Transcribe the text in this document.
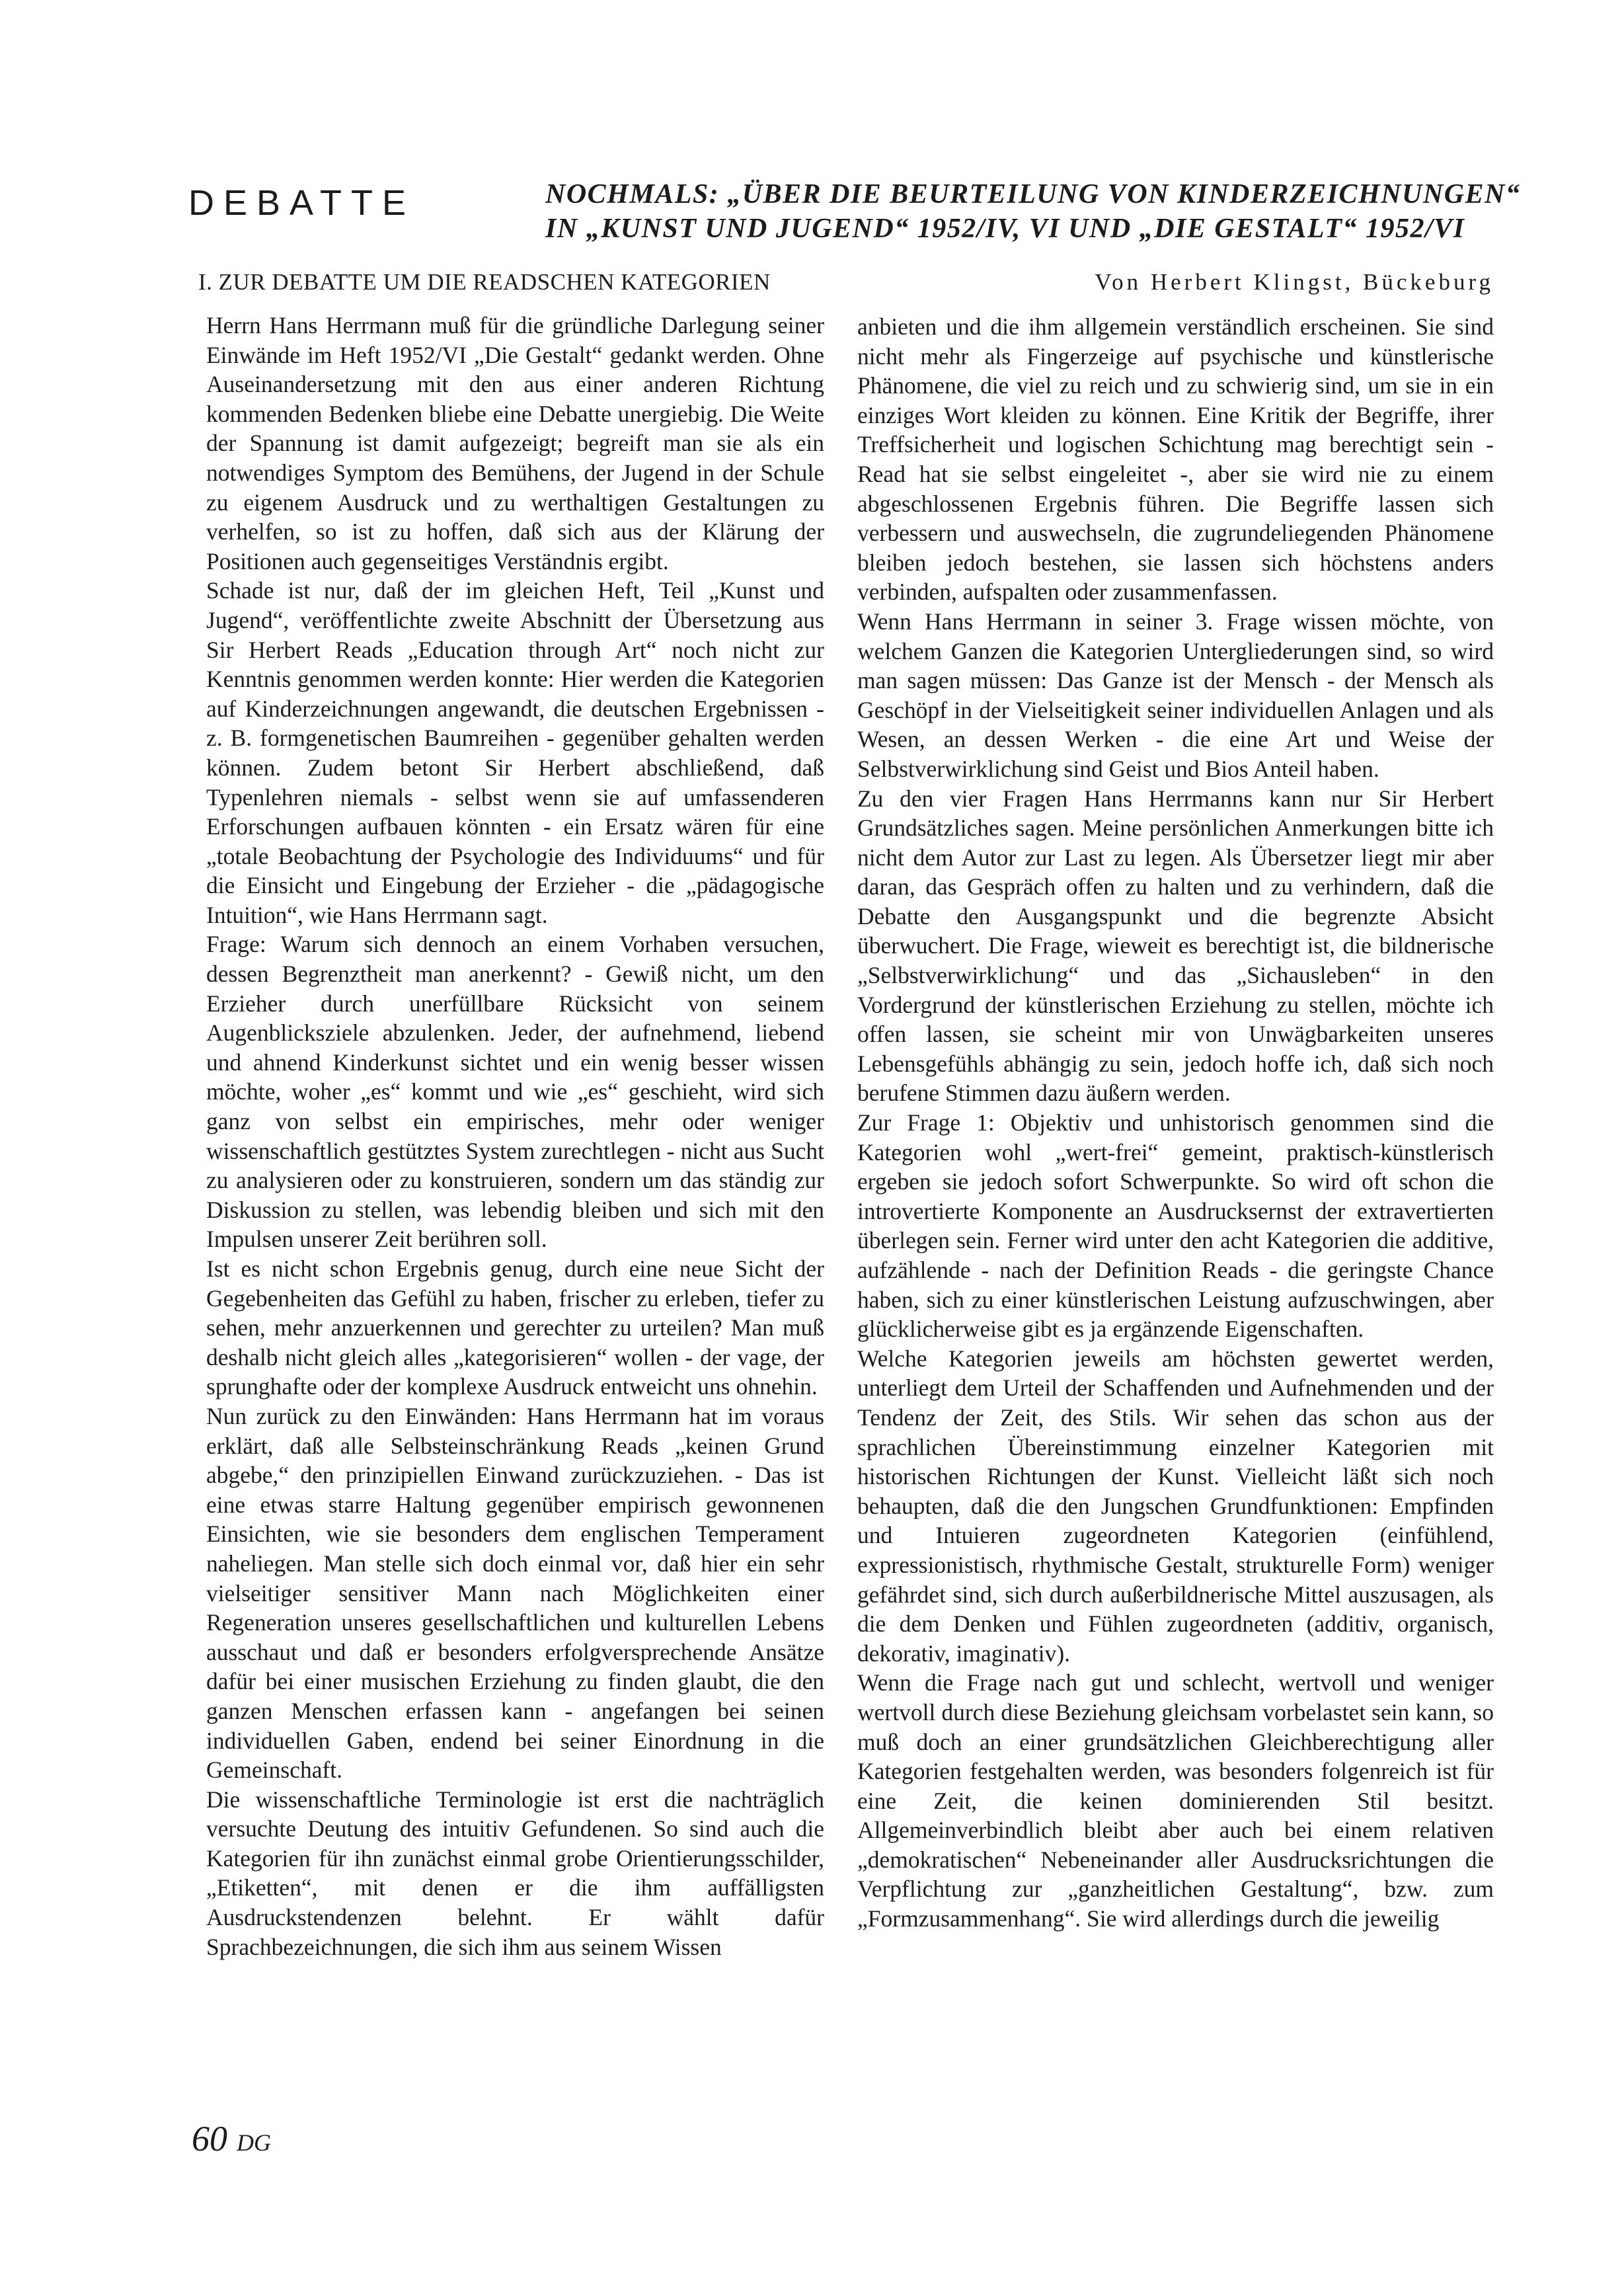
DEBATTE	NOCHMALS: „ÜBER DIE BEURTEILUNG VON KINDERZEICHNUNGEN“
IN „KUNST UND JUGEND“ 1952/IV, VI UND „DIE GESTALT“ 1952/VI
I. ZUR DEBATTE UM DIE READSCHEN KATEGORIEN	Von Herbert Klingst, Bückeburg

Herrn Hans Herrmann muß für die gründliche Darlegung seiner Einwände im Heft 1952/VI „Die Gestalt“ gedankt werden. Ohne Auseinandersetzung mit den aus einer anderen Richtung kommenden Bedenken bliebe eine Debatte unergiebig. Die Weite der Spannung ist damit aufgezeigt; begreift man sie als ein notwendiges Symptom des Bemühens, der Jugend in der Schule zu eigenem Ausdruck und zu werthaltigen Gestaltungen zu verhelfen, so ist zu hoffen, daß sich aus der Klärung der Positionen auch gegenseitiges Verständnis ergibt.

Schade ist nur, daß der im gleichen Heft, Teil „Kunst und Jugend“, veröffentlichte zweite Abschnitt der Übersetzung aus Sir Herbert Reads „Education through Art“ noch nicht zur Kenntnis genommen werden konnte: Hier werden die Kategorien auf Kinderzeichnungen angewandt, die deutschen Ergebnissen - z. B. formgenetischen Baumreihen - gegenüber gehalten werden können. Zudem betont Sir Herbert abschließend, daß Typenlehren niemals - selbst wenn sie auf umfassenderen Erforschungen aufbauen könnten - ein Ersatz wären für eine „totale Beobachtung der Psychologie des Individuums“ und für die Einsicht und Eingebung der Erzieher - die „pädagogische Intuition“, wie Hans Herrmann sagt.

Frage: Warum sich dennoch an einem Vorhaben versuchen, dessen Begrenztheit man anerkennt? - Gewiß nicht, um den Erzieher durch unerfüllbare Rücksicht von seinem Augenblicksziele abzulenken. Jeder, der aufnehmend, liebend und ahnend Kinderkunst sichtet und ein wenig besser wissen möchte, woher „es“ kommt und wie „es“ geschieht, wird sich ganz von selbst ein empirisches, mehr oder weniger wissenschaftlich gestütztes System zurechtlegen - nicht aus Sucht zu analysieren oder zu konstruieren, sondern um das ständig zur Diskussion zu stellen, was lebendig bleiben und sich mit den Impulsen unserer Zeit berühren soll.

Ist es nicht schon Ergebnis genug, durch eine neue Sicht der Gegebenheiten das Gefühl zu haben, frischer zu erleben, tiefer zu sehen, mehr anzuerkennen und gerechter zu urteilen? Man muß deshalb nicht gleich alles „kategorisieren“ wollen - der vage, der sprunghafte oder der komplexe Ausdruck entweicht uns ohnehin.

Nun zurück zu den Einwänden: Hans Herrmann hat im voraus erklärt, daß alle Selbsteinschränkung Reads „keinen Grund abgebe,“ den prinzipiellen Einwand zurückzuziehen. - Das ist eine etwas starre Haltung gegenüber empirisch gewonnenen Einsichten, wie sie besonders dem englischen Temperament naheliegen. Man stelle sich doch einmal vor, daß hier ein sehr vielseitiger sensitiver Mann nach Möglichkeiten einer Regeneration unseres gesellschaftlichen und kulturellen Lebens ausschaut und daß er besonders erfolgversprechende Ansätze dafür bei einer musischen Erziehung zu finden glaubt, die den ganzen Menschen erfassen kann - angefangen bei seinen individuellen Gaben, endend bei seiner Einordnung in die Gemeinschaft.

Die wissenschaftliche Terminologie ist erst die nachträglich versuchte Deutung des intuitiv Gefundenen. So sind auch die Kategorien für ihn zunächst einmal grobe Orientierungsschilder, „Etiketten“, mit denen er die ihm auffälligsten Ausdruckstendenzen belehnt. Er wählt dafür Sprachbezeichnungen, die sich ihm aus seinem Wissen

anbieten und die ihm allgemein verständlich erscheinen. Sie sind nicht mehr als Fingerzeige auf psychische und künstlerische Phänomene, die viel zu reich und zu schwierig sind, um sie in ein einziges Wort kleiden zu können. Eine Kritik der Begriffe, ihrer Treffsicherheit und logischen Schichtung mag berechtigt sein - Read hat sie selbst eingeleitet -, aber sie wird nie zu einem abgeschlossenen Ergebnis führen. Die Begriffe lassen sich verbessern und auswechseln, die zugrundeliegenden Phänomene bleiben jedoch bestehen, sie lassen sich höchstens anders verbinden, aufspalten oder zusammenfassen.

Wenn Hans Herrmann in seiner 3. Frage wissen möchte, von welchem Ganzen die Kategorien Untergliederungen sind, so wird man sagen müssen: Das Ganze ist der Mensch - der Mensch als Geschöpf in der Vielseitigkeit seiner individuellen Anlagen und als Wesen, an dessen Werken - die eine Art und Weise der Selbstverwirklichung sind Geist und Bios Anteil haben.

Zu den vier Fragen Hans Herrmanns kann nur Sir Herbert Grundsätzliches sagen. Meine persönlichen Anmerkungen bitte ich nicht dem Autor zur Last zu legen. Als Übersetzer liegt mir aber daran, das Gespräch offen zu halten und zu verhindern, daß die Debatte den Ausgangspunkt und die begrenzte Absicht überwuchert. Die Frage, wieweit es berechtigt ist, die bildnerische „Selbstverwirklichung“ und das „Sichausleben“ in den Vordergrund der künstlerischen Erziehung zu stellen, möchte ich offen lassen, sie scheint mir von Unwägbarkeiten unseres Lebensgefühls abhängig zu sein, jedoch hoffe ich, daß sich noch berufene Stimmen dazu äußern werden.

Zur Frage 1: Objektiv und unhistorisch genommen sind die Kategorien wohl „wert-frei“ gemeint, praktisch-künstlerisch ergeben sie jedoch sofort Schwerpunkte. So wird oft schon die introvertierte Komponente an Ausdrucksernst der extravertierten überlegen sein. Ferner wird unter den acht Kategorien die additive, aufzählende - nach der Definition Reads - die geringste Chance haben, sich zu einer künstlerischen Leistung aufzuschwingen, aber glücklicherweise gibt es ja ergänzende Eigenschaften.

Welche Kategorien jeweils am höchsten gewertet werden, unterliegt dem Urteil der Schaffenden und Aufnehmenden und der Tendenz der Zeit, des Stils. Wir sehen das schon aus der sprachlichen Übereinstimmung einzelner Kategorien mit historischen Richtungen der Kunst. Vielleicht läßt sich noch behaupten, daß die den Jungschen Grundfunktionen: Empfinden und Intuieren zugeordneten Kategorien (einfühlend, expressionistisch, rhythmische Gestalt, strukturelle Form) weniger gefährdet sind, sich durch außerbildnerische Mittel auszusagen, als die dem Denken und Fühlen zugeordneten (additiv, organisch, dekorativ, imaginativ).

Wenn die Frage nach gut und schlecht, wertvoll und weniger wertvoll durch diese Beziehung gleichsam vorbelastet sein kann, so muß doch an einer grundsätzlichen Gleichberechtigung aller Kategorien festgehalten werden, was besonders folgenreich ist für eine Zeit, die keinen dominierenden Stil besitzt. Allgemeinverbindlich bleibt aber auch bei einem relativen „demokratischen“ Nebeneinander aller Ausdrucksrichtungen die Verpflichtung zur „ganzheitlichen Gestaltung“, bzw. zum „Formzusammenhang“. Sie wird allerdings durch die jeweilig

60 DG
